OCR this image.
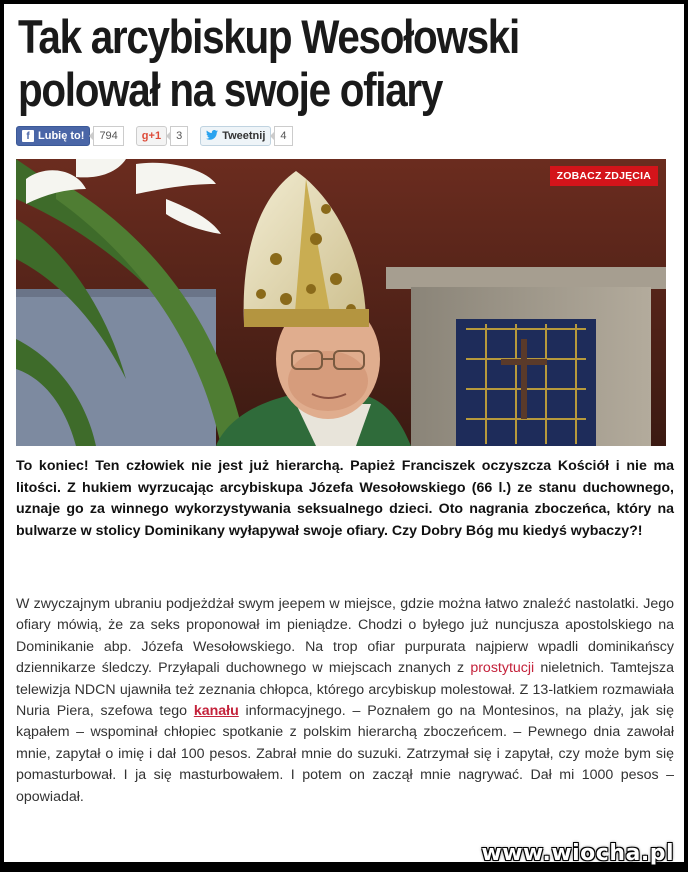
Tak arcybiskup Wesołowski
polował na swoje ofiary
f Lubię to!	794	g+1	3	Tweetnij	4
ZOBACZ ZDJĘCIA

To koniec! Ten człowiek nie jest już hierarchą. Papież Franciszek oczyszcza Kościół i nie ma litości. Z hukiem wyrzucając arcybiskupa Józefa Wesołowskiego (66 l.) ze stanu duchownego, uznaje go za winnego wykorzystywania seksualnego dzieci. Oto nagrania zboczeńca, który na bulwarze w stolicy Dominikany wyłapywał swoje ofiary. Czy Dobry Bóg mu kiedyś wybaczy?!

W zwyczajnym ubraniu podjeżdżał swym jeepem w miejsce, gdzie można łatwo znaleźć nastolatki. Jego ofiary mówią, że za seks proponował im pieniądze. Chodzi o byłego już nuncjusza apostolskiego na Dominikanie abp. Józefa Wesołowskiego. Na trop ofiar purpurata najpierw wpadli dominikańscy dziennikarze śledczy. Przyłapali duchownego w miejscach znanych z prostytucji nieletnich. Tamtejsza telewizja NDCN ujawniła też zeznania chłopca, którego arcybiskup molestował. Z 13-latkiem rozmawiała Nuria Piera, szefowa tego kanału informacyjnego. – Poznałem go na Montesinos, na plaży, jak się kąpałem – wspominał chłopiec spotkanie z polskim hierarchą zboczeńcem. – Pewnego dnia zawołał mnie, zapytał o imię i dał 100 pesos. Zabrał mnie do suzuki. Zatrzymał się i zapytał, czy może bym się pomasturbował. I ja się masturbowałem. I potem on zaczął mnie nagrywać. Dał mi 1000 pesos – opowiadał.

www.wiocha.pl
